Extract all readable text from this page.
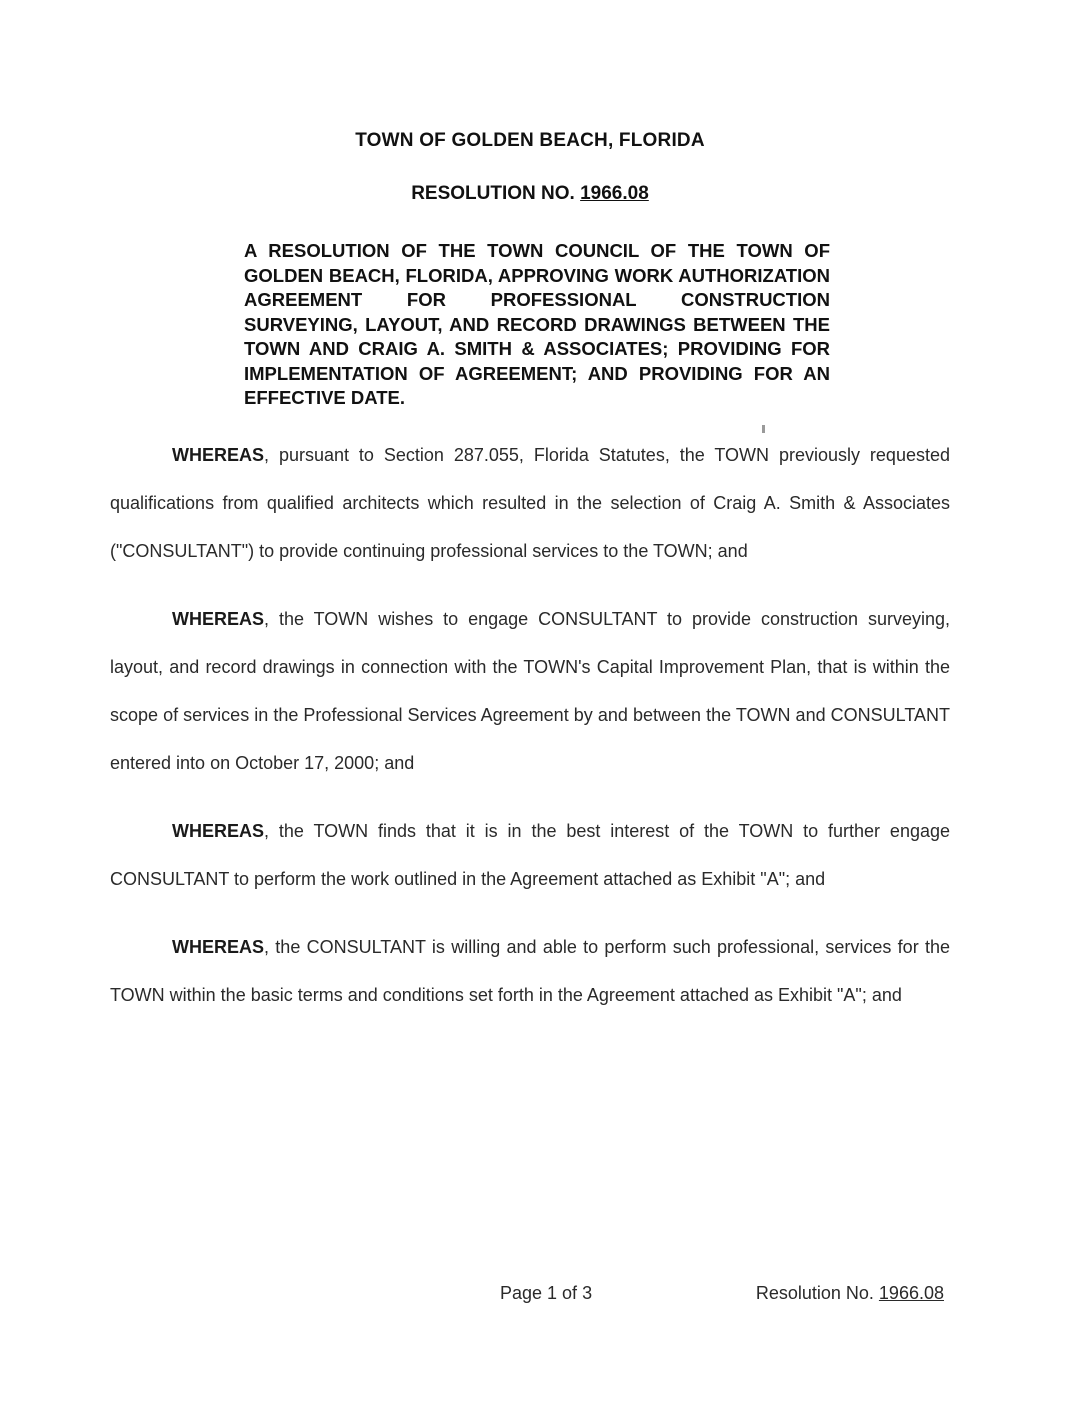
TOWN OF GOLDEN BEACH, FLORIDA
RESOLUTION NO. 1966.08
A RESOLUTION OF THE TOWN COUNCIL OF THE TOWN OF GOLDEN BEACH, FLORIDA, APPROVING WORK AUTHORIZATION AGREEMENT FOR PROFESSIONAL CONSTRUCTION SURVEYING, LAYOUT, AND RECORD DRAWINGS BETWEEN THE TOWN AND CRAIG A. SMITH & ASSOCIATES; PROVIDING FOR IMPLEMENTATION OF AGREEMENT; AND PROVIDING FOR AN EFFECTIVE DATE.
WHEREAS, pursuant to Section 287.055, Florida Statutes, the TOWN previously requested qualifications from qualified architects which resulted in the selection of Craig A. Smith & Associates ("CONSULTANT") to provide continuing professional services to the TOWN; and
WHEREAS, the TOWN wishes to engage CONSULTANT to provide construction surveying, layout, and record drawings in connection with the TOWN's Capital Improvement Plan, that is within the scope of services in the Professional Services Agreement by and between the TOWN and CONSULTANT entered into on October 17, 2000; and
WHEREAS, the TOWN finds that it is in the best interest of the TOWN to further engage CONSULTANT to perform the work outlined in the Agreement attached as Exhibit "A"; and
WHEREAS, the CONSULTANT is willing and able to perform such professional, services for the TOWN within the basic terms and conditions set forth in the Agreement attached as Exhibit "A"; and
Page 1 of 3	Resolution No. 1966.08
